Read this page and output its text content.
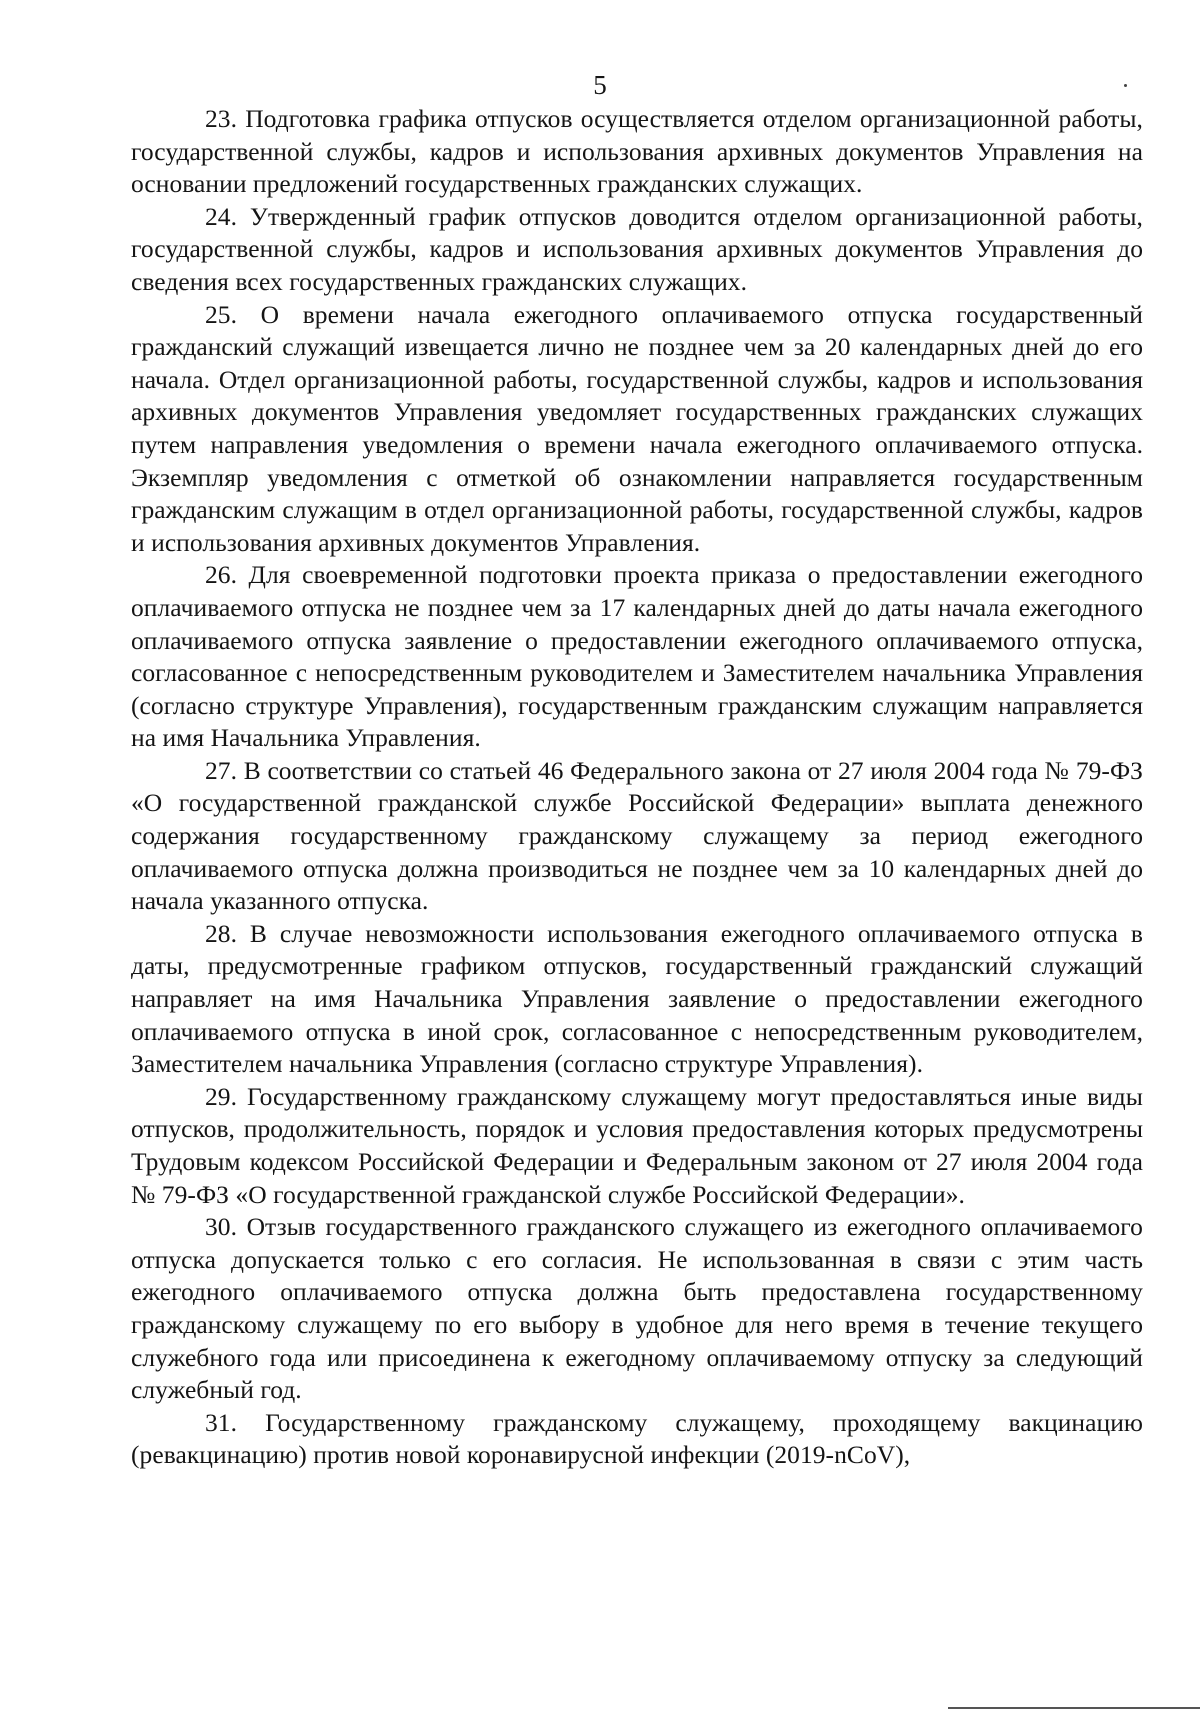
5

23. Подготовка графика отпусков осуществляется отделом организационной работы, государственной службы, кадров и использования архивных документов Управления на основании предложений государственных гражданских служащих.

24. Утвержденный график отпусков доводится отделом организационной работы, государственной службы, кадров и использования архивных документов Управления до сведения всех государственных гражданских служащих.

25. О времени начала ежегодного оплачиваемого отпуска государственный гражданский служащий извещается лично не позднее чем за 20 календарных дней до его начала. Отдел организационной работы, государственной службы, кадров и использования архивных документов Управления уведомляет государственных гражданских служащих путем направления уведомления о времени начала ежегодного оплачиваемого отпуска. Экземпляр уведомления с отметкой об ознакомлении направляется государственным гражданским служащим в отдел организационной работы, государственной службы, кадров и использования архивных документов Управления.

26. Для своевременной подготовки проекта приказа о предоставлении ежегодного оплачиваемого отпуска не позднее чем за 17 календарных дней до даты начала ежегодного оплачиваемого отпуска заявление о предоставлении ежегодного оплачиваемого отпуска, согласованное с непосредственным руководителем и Заместителем начальника Управления (согласно структуре Управления), государственным гражданским служащим направляется на имя Начальника Управления.

27. В соответствии со статьей 46 Федерального закона от 27 июля 2004 года № 79-ФЗ «О государственной гражданской службе Российской Федерации» выплата денежного содержания государственному гражданскому служащему за период ежегодного оплачиваемого отпуска должна производиться не позднее чем за 10 календарных дней до начала указанного отпуска.

28. В случае невозможности использования ежегодного оплачиваемого отпуска в даты, предусмотренные графиком отпусков, государственный гражданский служащий направляет на имя Начальника Управления заявление о предоставлении ежегодного оплачиваемого отпуска в иной срок, согласованное с непосредственным руководителем, Заместителем начальника Управления (согласно структуре Управления).

29. Государственному гражданскому служащему могут предоставляться иные виды отпусков, продолжительность, порядок и условия предоставления которых предусмотрены Трудовым кодексом Российской Федерации и Федеральным законом от 27 июля 2004 года № 79-ФЗ «О государственной гражданской службе Российской Федерации».

30. Отзыв государственного гражданского служащего из ежегодного оплачиваемого отпуска допускается только с его согласия. Не использованная в связи с этим часть ежегодного оплачиваемого отпуска должна быть предоставлена государственному гражданскому служащему по его выбору в удобное для него время в течение текущего служебного года или присоединена к ежегодному оплачиваемому отпуску за следующий служебный год.

31. Государственному гражданскому служащему, проходящему вакцинацию (ревакцинацию) против новой коронавирусной инфекции (2019-nCoV),
